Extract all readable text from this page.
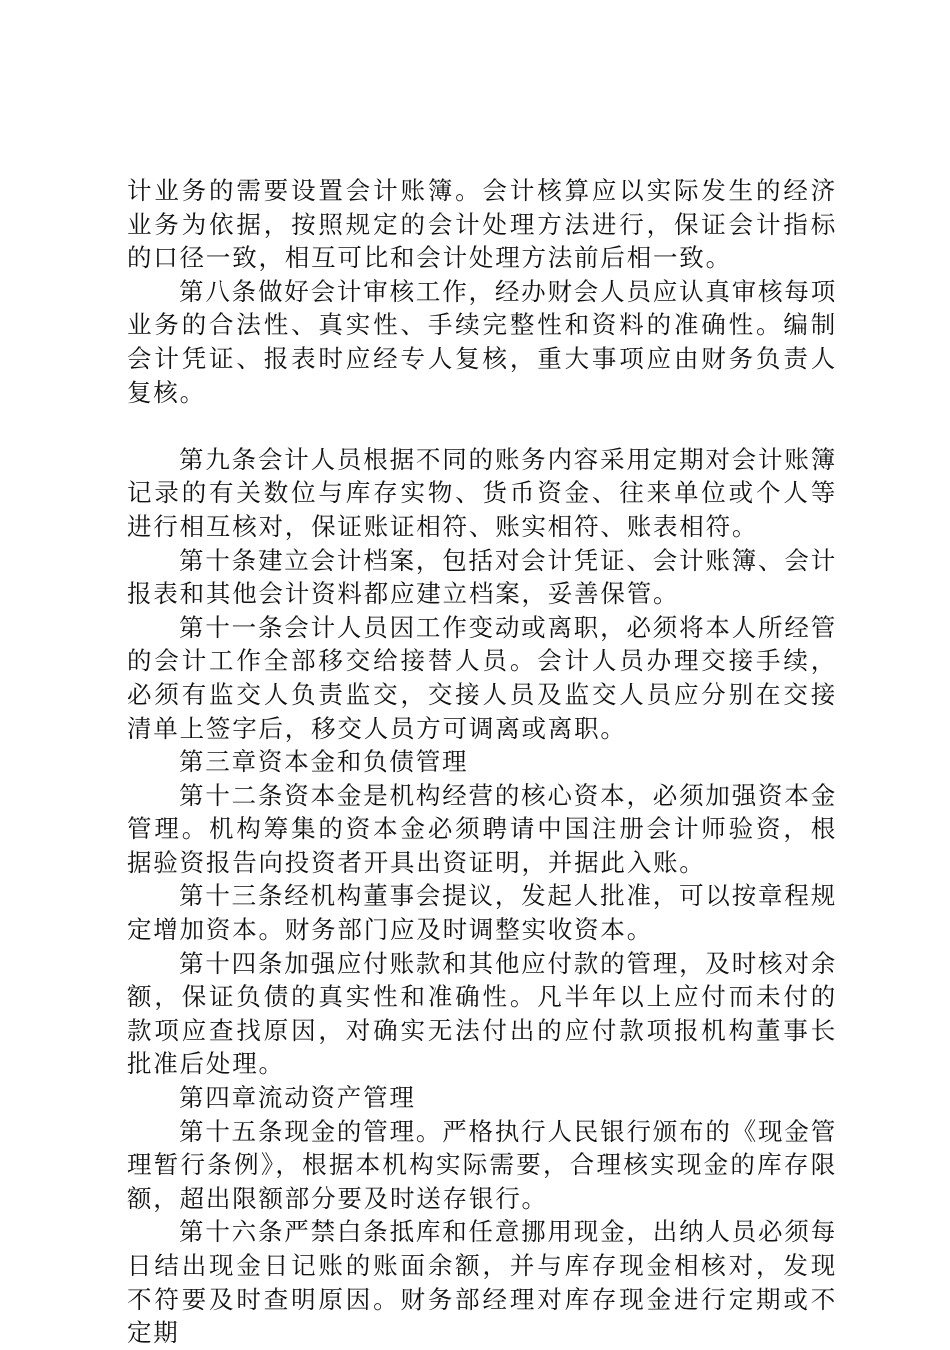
计业务的需要设置会计账簿。会计核算应以实际发生的经济业务为依据，按照规定的会计处理方法进行，保证会计指标的口径一致，相互可比和会计处理方法前后相一致。

第八条做好会计审核工作，经办财会人员应认真审核每项业务的合法性、真实性、手续完整性和资料的准确性。编制会计凭证、报表时应经专人复核，重大事项应由财务负责人复核。

第九条会计人员根据不同的账务内容采用定期对会计账簿记录的有关数位与库存实物、货币资金、往来单位或个人等进行相互核对，保证账证相符、账实相符、账表相符。

第十条建立会计档案，包括对会计凭证、会计账簿、会计报表和其他会计资料都应建立档案，妥善保管。

第十一条会计人员因工作变动或离职，必须将本人所经管的会计工作全部移交给接替人员。会计人员办理交接手续，必须有监交人负责监交，交接人员及监交人员应分别在交接清单上签字后，移交人员方可调离或离职。

第三章资本金和负债管理

第十二条资本金是机构经营的核心资本，必须加强资本金管理。机构筹集的资本金必须聘请中国注册会计师验资，根据验资报告向投资者开具出资证明，并据此入账。

第十三条经机构董事会提议，发起人批准，可以按章程规定增加资本。财务部门应及时调整实收资本。

第十四条加强应付账款和其他应付款的管理，及时核对余额，保证负债的真实性和准确性。凡半年以上应付而未付的款项应查找原因，对确实无法付出的应付款项报机构董事长批准后处理。

第四章流动资产管理

第十五条现金的管理。严格执行人民银行颁布的《现金管理暂行条例》，根据本机构实际需要，合理核实现金的库存限额，超出限额部分要及时送存银行。

第十六条严禁白条抵库和任意挪用现金，出纳人员必须每日结出现金日记账的账面余额，并与库存现金相核对，发现不符要及时查明原因。财务部经理对库存现金进行定期或不定期
